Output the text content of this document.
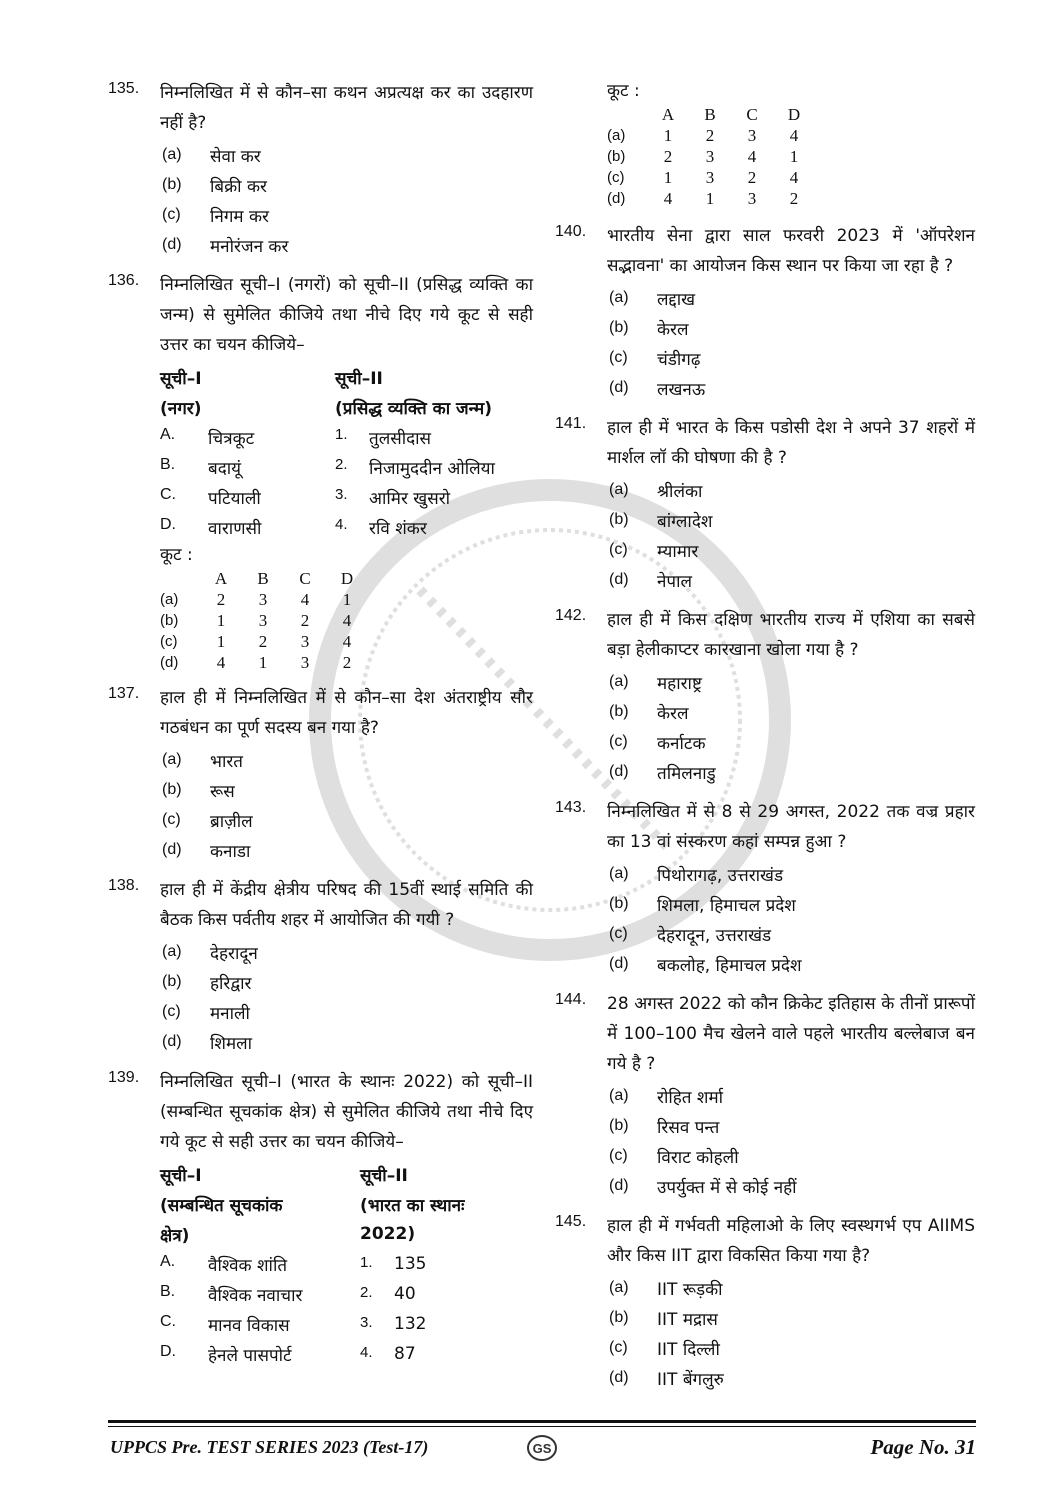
135.	निम्नलिखित में से कौन–सा कथन अप्रत्यक्ष कर का उदहारण नहीं है?
(a)	सेवा कर
(b)	बिक्री कर
(c)	निगम कर
(d)	मनोरंजन कर
136.	निम्नलिखित सूची–I (नगरों) को सूची–II (प्रसिद्ध व्यक्ति का जन्म) से सुमेलित कीजिये तथा नीचे दिए गये कूट से सही उत्तर का चयन कीजिये–
सूची–I	सूची–II
(नगर)	(प्रसिद्ध व्यक्ति का जन्म)
A.	चित्रकूट	1.	तुलसीदास
B.	बदायूं	2.	निजामुददीन ओलिया
C.	पटियाली	3.	आमिर खुसरो
D.	वाराणसी	4.	रवि शंकर
कूट :
	A	B	C	D
(a)	2	3	4	1
(b)	1	3	2	4
(c)	1	2	3	4
(d)	4	1	3	2
137.	हाल ही में निम्नलिखित में से कौन–सा देश अंतराष्ट्रीय सौर गठबंधन का पूर्ण सदस्य बन गया है?
(a)	भारत
(b)	रूस
(c)	ब्राज़ील
(d)	कनाडा
138.	हाल ही में केंद्रीय क्षेत्रीय परिषद की 15वीं स्थाई समिति की बैठक किस पर्वतीय शहर में आयोजित की गयी ?
(a)	देहरादून
(b)	हरिद्वार
(c)	मनाली
(d)	शिमला
139.	निम्नलिखित सूची–I (भारत के स्थानः 2022) को सूची–II (सम्बन्धित सूचकांक क्षेत्र) से सुमेलित कीजिये तथा नीचे दिए गये कूट से सही उत्तर का चयन कीजिये–
सूची–I	सूची–II
(सम्बन्धित सूचकांक	(भारत का स्थानः
क्षेत्र)	2022)
A.	वैश्विक शांति	1.	135
B.	वैश्विक नवाचार	2.	40
C.	मानव विकास	3.	132
D.	हेनले पासपोर्ट	4.	87
कूट :
	A	B	C	D
(a)	1	2	3	4
(b)	2	3	4	1
(c)	1	3	2	4
(d)	4	1	3	2
140.	भारतीय सेना द्वारा साल फरवरी 2023 में 'ऑपरेशन सद्भावना' का आयोजन किस स्थान पर किया जा रहा है ?
(a)	लद्दाख
(b)	केरल
(c)	चंडीगढ़
(d)	लखनऊ
141.	हाल ही में भारत के किस पडोसी देश ने अपने 37 शहरों में मार्शल लॉ की घोषणा की है ?
(a)	श्रीलंका
(b)	बांग्लादेश
(c)	म्यामार
(d)	नेपाल
142.	हाल ही में किस दक्षिण भारतीय राज्य में एशिया का सबसे बड़ा हेलीकाप्टर कारखाना खोला गया है ?
(a)	महाराष्ट्र
(b)	केरल
(c)	कर्नाटक
(d)	तमिलनाडु
143.	निम्नलिखित में से 8 से 29 अगस्त, 2022 तक वज्र प्रहार का 13 वां संस्करण कहां सम्पन्न हुआ ?
(a)	पिथोरागढ़, उत्तराखंड
(b)	शिमला, हिमाचल प्रदेश
(c)	देहरादून, उत्तराखंड
(d)	बकलोह, हिमाचल प्रदेश
144.	28 अगस्त 2022 को कौन क्रिकेट इतिहास के तीनों प्रारूपों में 100–100 मैच खेलने वाले पहले भारतीय बल्लेबाज बन गये है ?
(a)	रोहित शर्मा
(b)	रिसव पन्त
(c)	विराट कोहली
(d)	उपर्युक्त में से कोई नहीं
145.	हाल ही में गर्भवती महिलाओ के लिए स्वस्थगर्भ एप AIIMS और किस IIT द्वारा विकसित किया गया है?
(a)	IIT रूड़की
(b)	IIT मद्रास
(c)	IIT दिल्ली
(d)	IIT बेंगलुरु
UPPCS Pre. TEST SERIES 2023 (Test-17)	GS	Page No. 31
